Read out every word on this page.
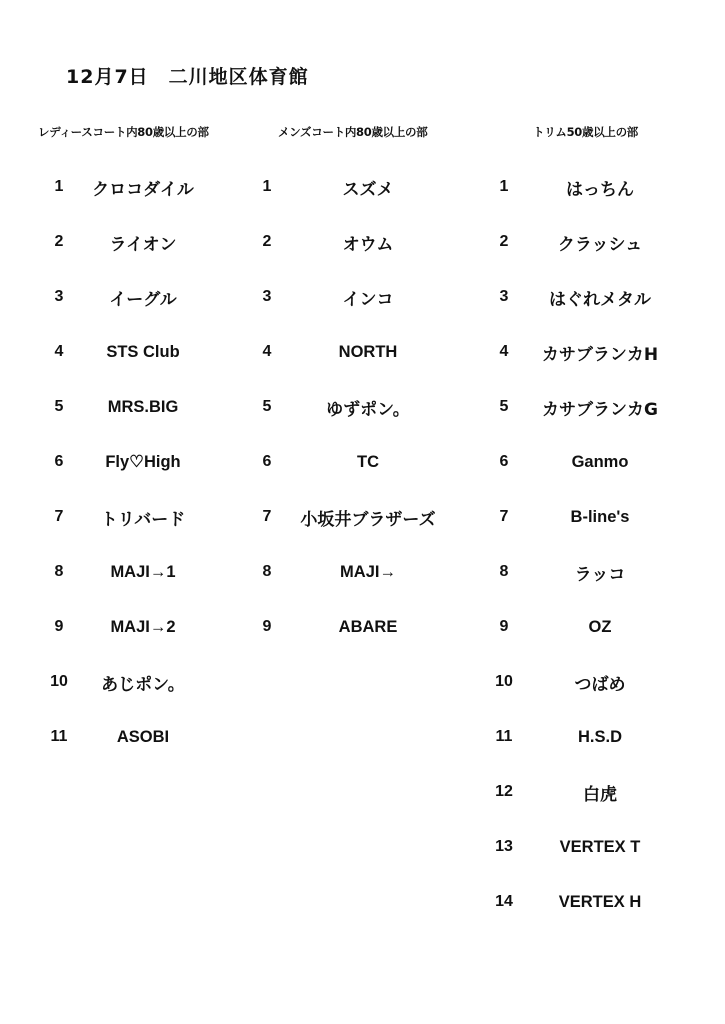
12月7日　二川地区体育館
レディースコート内80歳以上の部
1	クロコダイル
2	ライオン
3	イーグル
4	STS Club
5	MRS.BIG
6	Fly♡High
7	トリバード
8	MAJI→1
9	MAJI→2
10	あじポン。
11	ASOBI
メンズコート内80歳以上の部
1	スズメ
2	オウム
3	インコ
4	NORTH
5	ゆずポン。
6	TC
7	小坂井ブラザーズ
8	MAJI→
9	ABARE
トリム50歳以上の部
1	はっちん
2	クラッシュ
3	はぐれメタル
4	カサブランカH
5	カサブランカG
6	Ganmo
7	B-line's
8	ラッコ
9	OZ
10	つばめ
11	H.S.D
12	白虎
13	VERTEX T
14	VERTEX H
